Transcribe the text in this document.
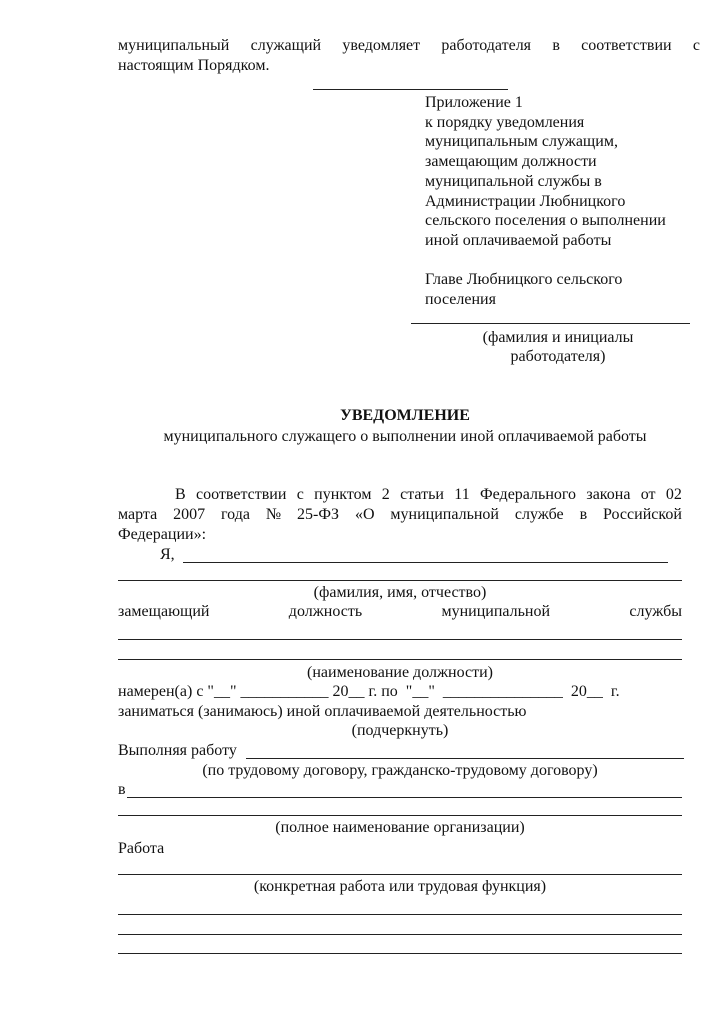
муниципальный служащий уведомляет работодателя в соответствии с
настоящим Порядком.
Приложение 1
к порядку уведомления
муниципальным служащим,
замещающим должности
муниципальной службы в
Администрации Любницкого
сельского поселения о выполнении
иной оплачиваемой работы
Главе Любницкого сельского
поселения
(фамилия и инициалы
работодателя)
УВЕДОМЛЕНИЕ
муниципального служащего о выполнении иной оплачиваемой работы
В соответствии с пунктом 2 статьи 11 Федерального закона от 02
марта 2007 года № 25-ФЗ «О муниципальной службе в Российской
Федерации»:
Я,
(фамилия, имя, отчество)
замещающий	должность	муниципальной	службы
(наименование должности)
намерен(а) с "__" ___________ 20__ г. по  "__"  _______________  20__  г.
заниматься (занимаюсь) иной оплачиваемой деятельностью
(подчеркнуть)
Выполняя работу
(по трудовому договору, гражданско-трудовому договору)
в
(полное наименование организации)
Работа
(конкретная работа или трудовая функция)
